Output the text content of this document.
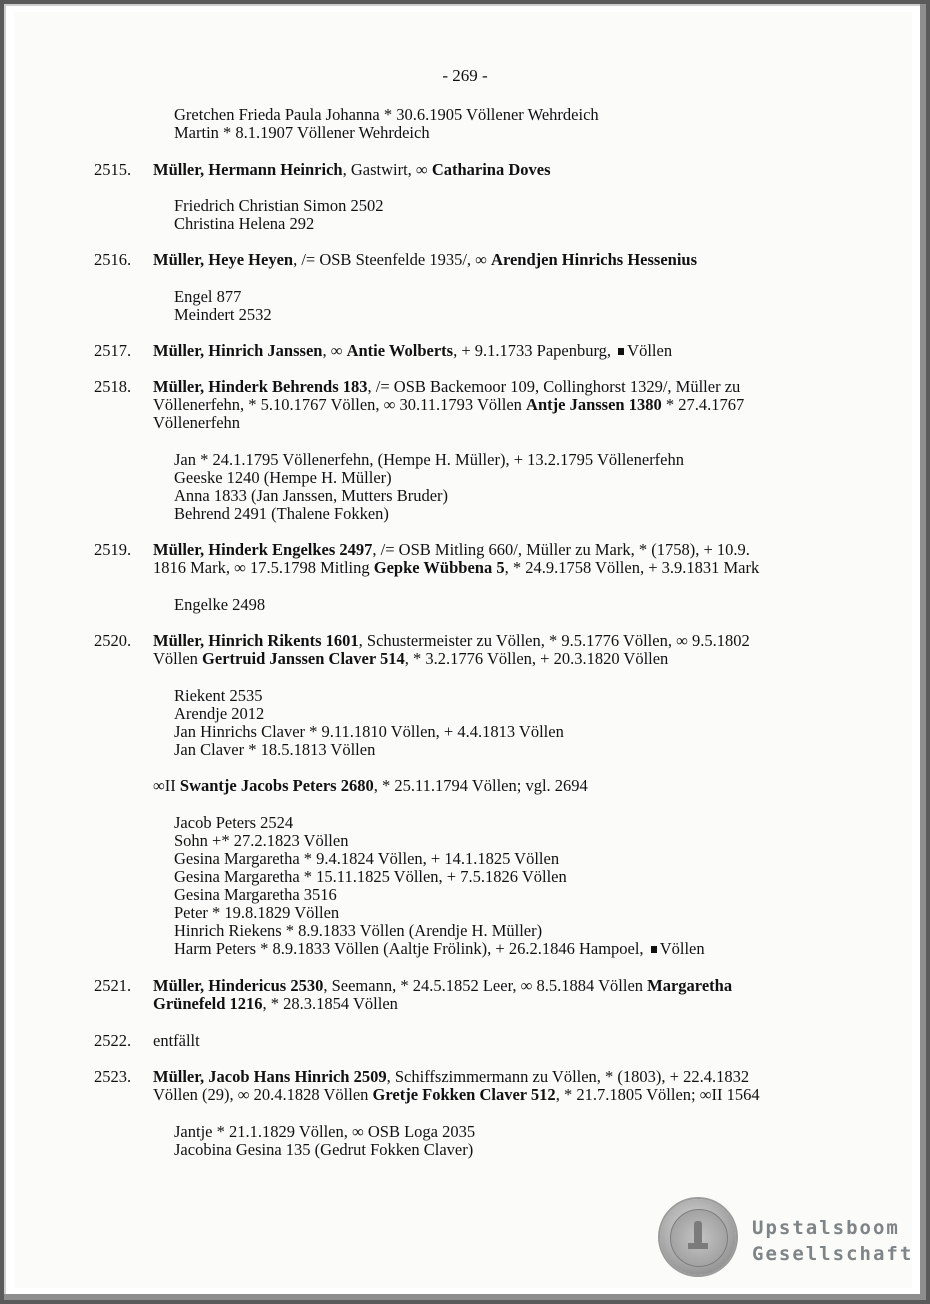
- 269 -
Gretchen Frieda Paula Johanna * 30.6.1905 Völlener Wehrdeich
Martin * 8.1.1907 Völlener Wehrdeich
2515. Müller, Hermann Heinrich, Gastwirt, ∞ Catharina Doves
Friedrich Christian Simon 2502
Christina Helena 292
2516. Müller, Heye Heyen, /= OSB Steenfelde 1935/, ∞ Arendjen Hinrichs Hessenius
Engel 877
Meindert 2532
2517. Müller, Hinrich Janssen, ∞ Antie Wolberts, + 9.1.1733 Papenburg, Völlen
2518. Müller, Hinderk Behrends 183, /= OSB Backemoor 109, Collinghorst 1329/, Müller zu
Völlenerfehn, * 5.10.1767 Völlen, ∞ 30.11.1793 Völlen Antje Janssen 1380 * 27.4.1767
Völlenerfehn
Jan * 24.1.1795 Völlenerfehn, (Hempe H. Müller), + 13.2.1795 Völlenerfehn
Geeske 1240 (Hempe H. Müller)
Anna 1833 (Jan Janssen, Mutters Bruder)
Behrend 2491 (Thalene Fokken)
2519. Müller, Hinderk Engelkes 2497, /= OSB Mitling 660/, Müller zu Mark, * (1758), + 10.9.
1816 Mark, ∞ 17.5.1798 Mitling Gepke Wübbena 5, * 24.9.1758 Völlen, + 3.9.1831 Mark
Engelke 2498
2520. Müller, Hinrich Rikents 1601, Schustermeister zu Völlen, * 9.5.1776 Völlen, ∞ 9.5.1802
Völlen Gertruid Janssen Claver 514, * 3.2.1776 Völlen, + 20.3.1820 Völlen
Riekent 2535
Arendje 2012
Jan Hinrichs Claver * 9.11.1810 Völlen, + 4.4.1813 Völlen
Jan Claver * 18.5.1813 Völlen
∞II Swantje Jacobs Peters 2680, * 25.11.1794 Völlen; vgl. 2694
Jacob Peters 2524
Sohn +* 27.2.1823 Völlen
Gesina Margaretha * 9.4.1824 Völlen, + 14.1.1825 Völlen
Gesina Margaretha * 15.11.1825 Völlen, + 7.5.1826 Völlen
Gesina Margaretha 3516
Peter * 19.8.1829 Völlen
Hinrich Riekens * 8.9.1833 Völlen (Arendje H. Müller)
Harm Peters * 8.9.1833 Völlen (Aaltje Frölink), + 26.2.1846 Hampoel, Völlen
2521. Müller, Hindericus 2530, Seemann, * 24.5.1852 Leer, ∞ 8.5.1884 Völlen Margaretha
Grünefeld 1216, * 28.3.1854 Völlen
2522. entfällt
2523. Müller, Jacob Hans Hinrich 2509, Schiffszimmermann zu Völlen, * (1803), + 22.4.1832
Völlen (29), ∞ 20.4.1828 Völlen Gretje Fokken Claver 512, * 21.7.1805 Völlen; ∞II 1564
Jantje * 21.1.1829 Völlen, ∞ OSB Loga 2035
Jacobina Gesina 135 (Gedrut Fokken Claver)
Upstalsboom
Gesellschaft
